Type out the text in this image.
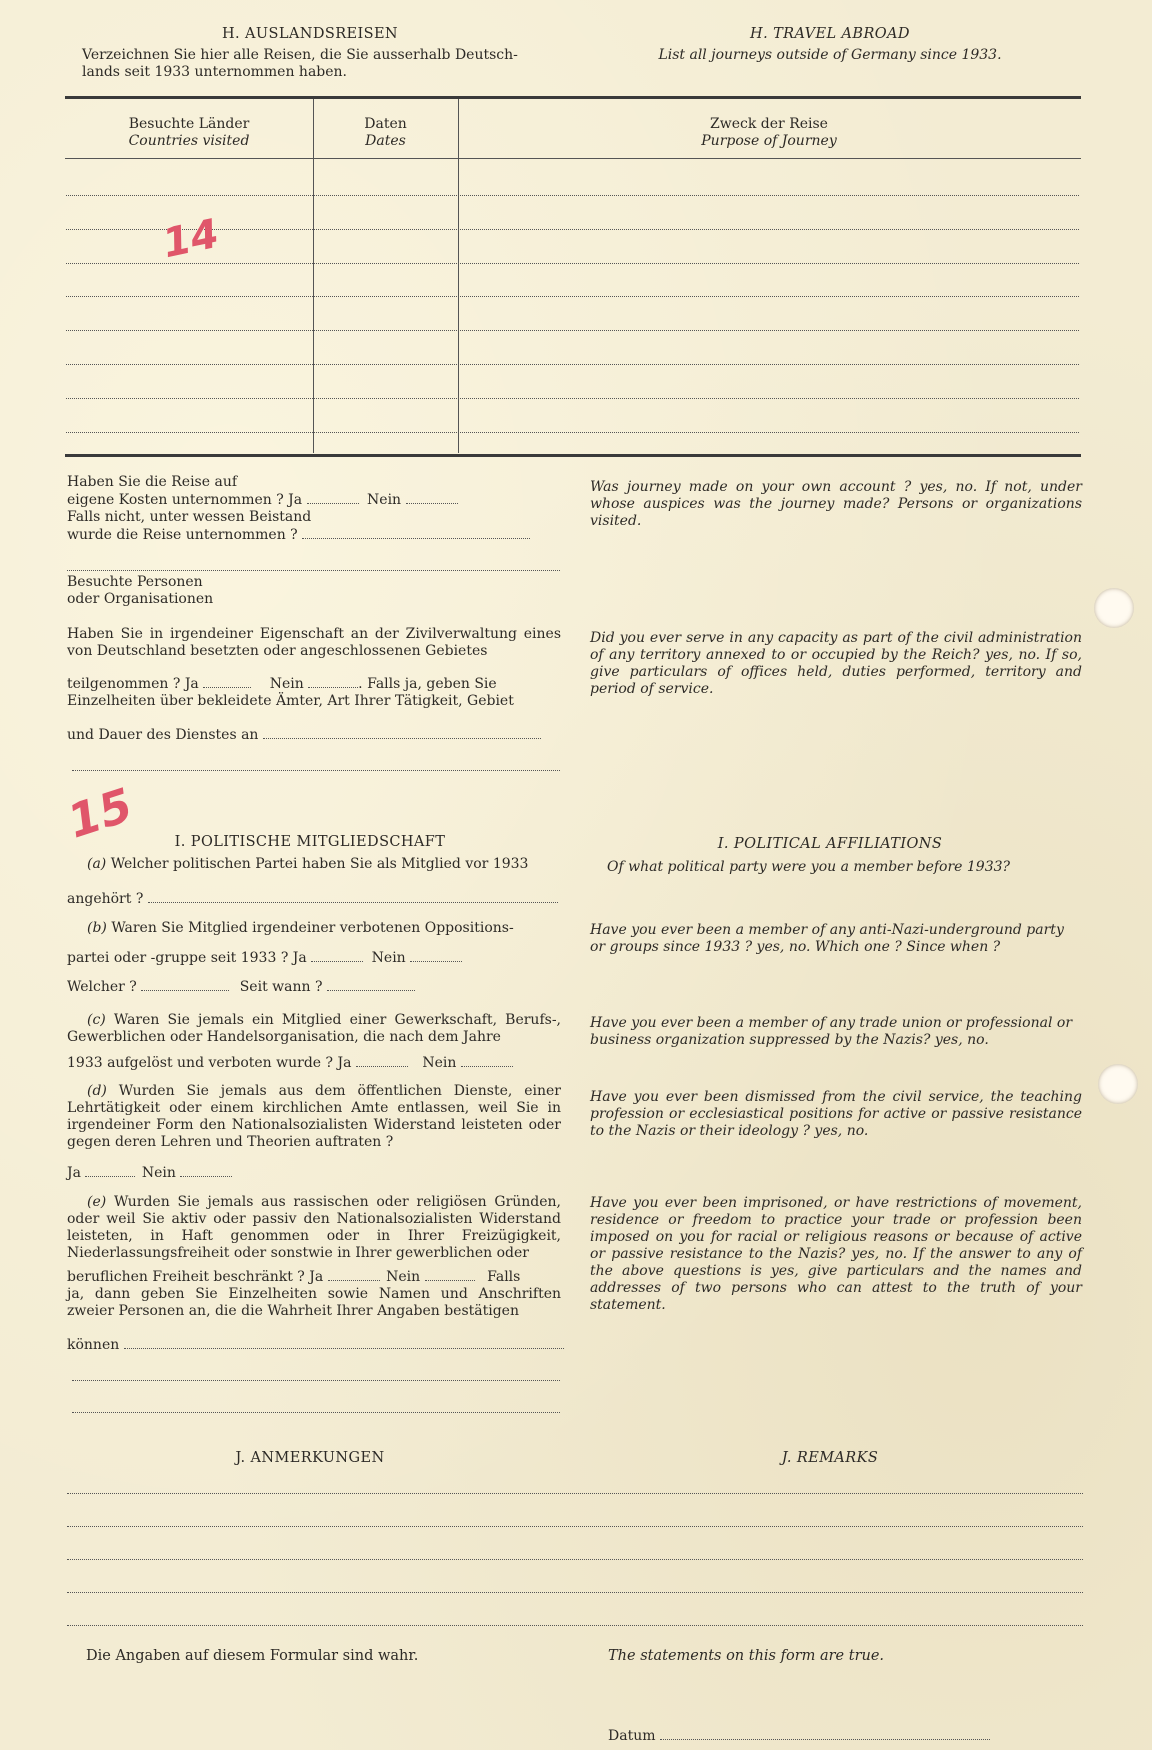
H. AUSLANDSREISEN	H. TRAVEL ABROAD
Verzeichnen Sie hier alle Reisen, die Sie ausserhalb Deutsch-
lands seit 1933 unternommen haben.
List all journeys outside of Germany since 1933.
Besuchte Länder
Countries visited
Daten
Dates
Zweck der Reise
Purpose of Journey
14
Haben Sie die Reise auf
eigene Kosten unternommen ? Ja	Nein
Falls nicht, unter wessen Beistand
wurde die Reise unternommen ?
Was journey made on your own account ? yes, no. If not, under whose auspices was the journey made? Persons or organizations visited.
Besuchte Personen
oder Organisationen
Haben Sie in irgendeiner Eigenschaft an der Zivilverwaltung eines von Deutschland besetzten oder angeschlossenen Gebietes
teilgenommen ? Ja	Nein	. Falls ja, geben Sie
Einzelheiten über bekleidete Ämter, Art Ihrer Tätigkeit, Gebiet
und Dauer des Dienstes an
Did you ever serve in any capacity as part of the civil administration of any territory annexed to or occupied by the Reich? yes, no. If so, give particulars of offices held, duties performed, territory and period of service.
15	I. POLITISCHE MITGLIEDSCHAFT	I. POLITICAL AFFILIATIONS
(a) Welcher politischen Partei haben Sie als Mitglied vor 1933
angehört ?
Of what political party were you a member before 1933?
(b) Waren Sie Mitglied irgendeiner verbotenen Oppositions-
partei oder -gruppe seit 1933 ? Ja	Nein
Welcher ?	Seit wann ?
Have you ever been a member of any anti-Nazi-underground party or groups since 1933 ? yes, no. Which one ? Since when ?
(c) Waren Sie jemals ein Mitglied einer Gewerkschaft, Berufs-, Gewerblichen oder Handelsorganisation, die nach dem Jahre
1933 aufgelöst und verboten wurde ? Ja	Nein
Have you ever been a member of any trade union or professional or business organization suppressed by the Nazis? yes, no.
(d) Wurden Sie jemals aus dem öffentlichen Dienste, einer Lehrtätigkeit oder einem kirchlichen Amte entlassen, weil Sie in irgendeiner Form den Nationalsozialisten Widerstand leisteten oder gegen deren Lehren und Theorien auftraten ?
Ja	Nein
Have you ever been dismissed from the civil service, the teaching profession or ecclesiastical positions for active or passive resistance to the Nazis or their ideology ? yes, no.
(e) Wurden Sie jemals aus rassischen oder religiösen Gründen, oder weil Sie aktiv oder passiv den Nationalsozialisten Widerstand leisteten, in Haft genommen oder in Ihrer Freizügigkeit, Niederlassungsfreiheit oder sonstwie in Ihrer gewerblichen oder
beruflichen Freiheit beschränkt ? Ja	Nein	Falls
ja, dann geben Sie Einzelheiten sowie Namen und Anschriften zweier Personen an, die die Wahrheit Ihrer Angaben bestätigen
können
Have you ever been imprisoned, or have restrictions of movement, residence or freedom to practice your trade or profession been imposed on you for racial or religious reasons or because of active or passive resistance to the Nazis? yes, no. If the answer to any of the above questions is yes, give particulars and the names and addresses of two persons who can attest to the truth of your statement.
J. ANMERKUNGEN	J. REMARKS
Die Angaben auf diesem Formular sind wahr.	The statements on this form are true.
Datum
